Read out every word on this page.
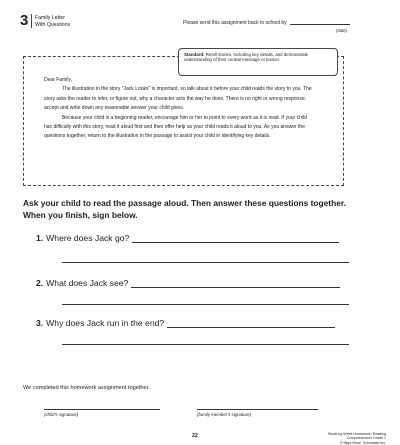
3 Family Letter
With Questions	Please send this assignment back to school by
(date)
Standard: Retell stories, including key details, and demonstrate understanding of their central message or lesson.

Dear Family,

The illustration in the story "Jack Looks" is important, so talk about it before your child reads the story to you. The story asks the reader to infer, or figure out, why a character acts the way he does. There is no right or wrong response; accept and write down any reasonable answer your child gives.

Because your child is a beginning reader, encourage him or her to point to every word as it is read. If your child has difficulty with this story, read it aloud first and then offer help as your child reads it aloud to you. As you answer the questions together, return to the illustration in the passage to assist your child in identifying key details.

Ask your child to read the passage aloud. Then answer these questions together. When you finish, sign below.
1. Where does Jack go?
2. What does Jack see?
3. Why does Jack run in the end?
We completed this homework assignment together.
(child's signature)	(family member's signature)
22	Week-by-Week Homework: Reading Comprehension Grade 1
© Mary Rose, Scholastic Inc.
